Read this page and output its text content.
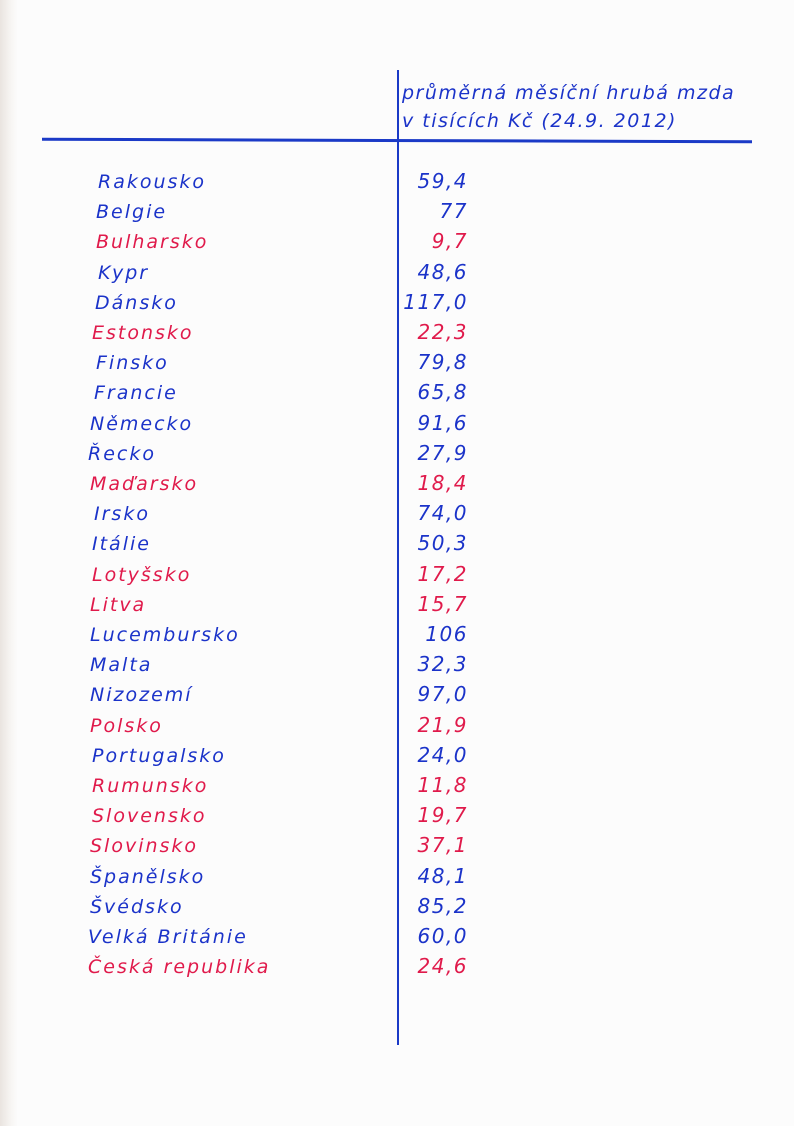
průměrná měsíční hrubá mzda
v tisících Kč (24.9. 2012)
Rakousko	59,4
Belgie	77
Bulharsko	9,7
Kypr	48,6
Dánsko	117,0
Estonsko	22,3
Finsko	79,8
Francie	65,8
Německo	91,6
Řecko	27,9
Maďarsko	18,4
Irsko	74,0
Itálie	50,3
Lotyšsko	17,2
Litva	15,7
Lucembursko	106
Malta	32,3
Nizozemí	97,0
Polsko	21,9
Portugalsko	24,0
Rumunsko	11,8
Slovensko	19,7
Slovinsko	37,1
Španělsko	48,1
Švédsko	85,2
Velká Británie	60,0
Česká republika	24,6
